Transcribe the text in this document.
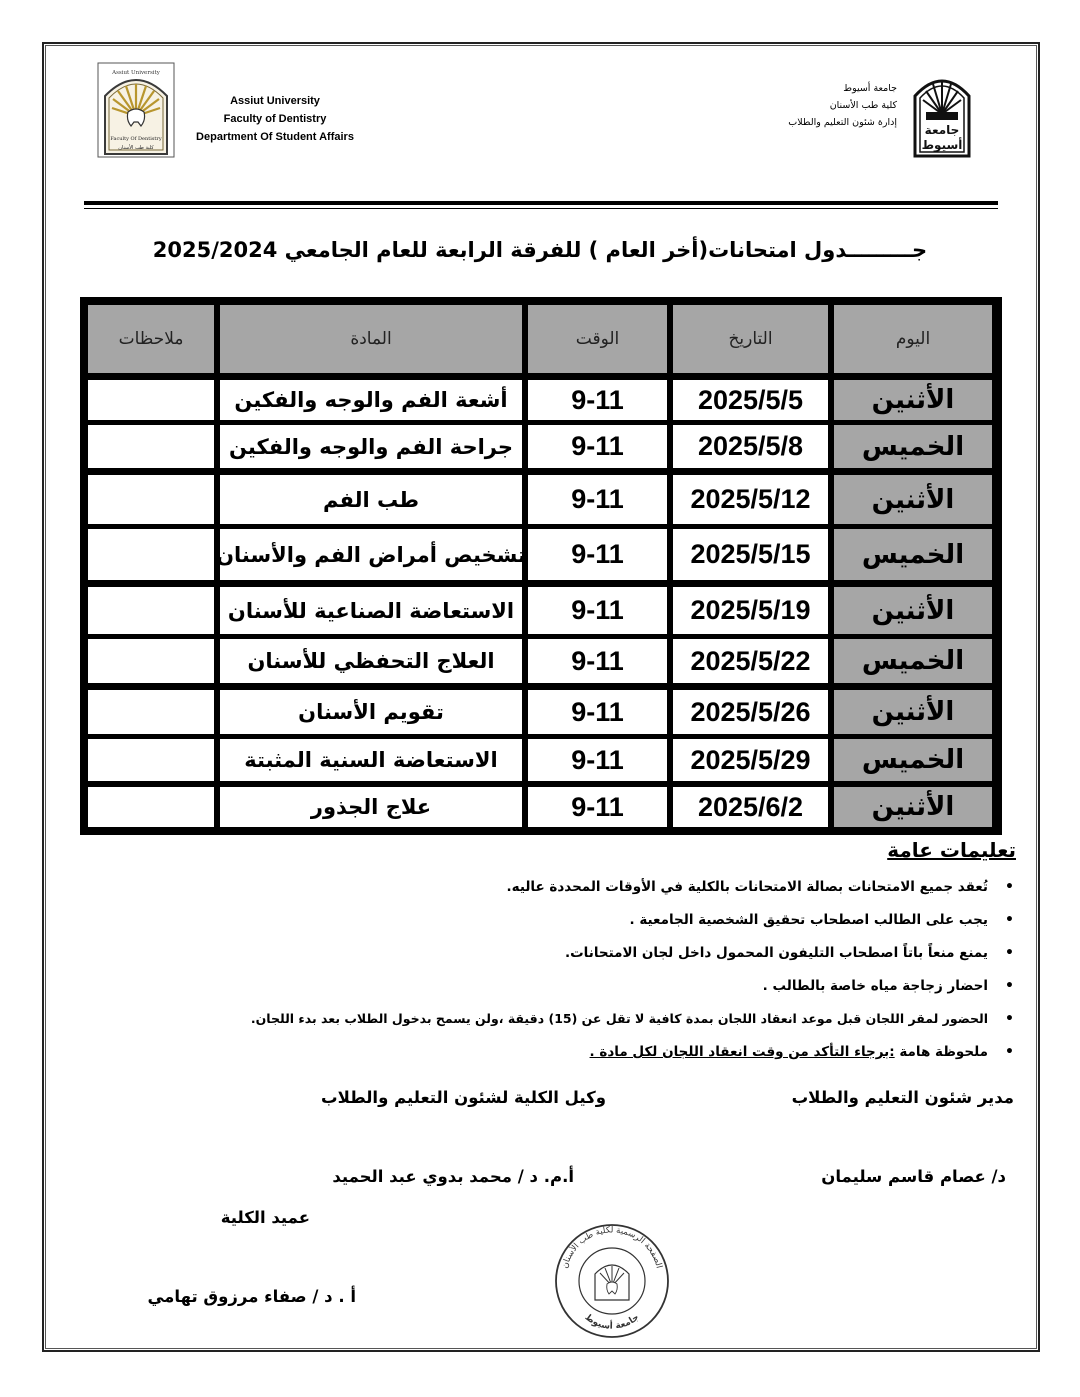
Assiut University
Faculty Of Dentistry
كلية طب الأسنان
Assiut University
Faculty of Dentistry
Department Of Student Affairs
جامعة أسيوط
كلية طب الأسنان
إدارة شئون التعليم والطلاب
جامعة
أسيوط
جـــــــــدول امتحانات(أخر العام ) للفرقة الرابعة للعام الجامعي 2025/2024
اليوم
التاريخ
الوقت
المادة
ملاحظات
الأثنين
2025/5/5
9-11
أشعة الفم والوجه والفكين
الخميس
2025/5/8
9-11
جراحة الفم والوجه والفكين
الأثنين
2025/5/12
9-11
طب الفم
الخميس
2025/5/15
9-11
تشخيص أمراض الفم والأسنان
الأثنين
2025/5/19
9-11
الاستعاضة الصناعية للأسنان
الخميس
2025/5/22
9-11
العلاج التحفظي للأسنان
الأثنين
2025/5/26
9-11
تقويم الأسنان
الخميس
2025/5/29
9-11
الاستعاضة السنية المثبتة
الأثنين
2025/6/2
9-11
علاج الجذور
تعليمات عامة
•
تُعقد جميع الامتحانات بصالة الامتحانات بالكلية في الأوقات المحددة عاليه.
•
يجب على الطالب اصطحاب تحقيق الشخصية الجامعية .
•
يمنع منعاً باتاً اصطحاب التليفون المحمول داخل لجان الامتحانات.
•
احضار زجاجة مياه خاصة بالطالب .
•
الحضور لمقر اللجان قبل موعد انعقاد اللجان بمدة كافية لا تقل عن (15) دقيقة ،ولن يسمح بدخول الطلاب بعد بدء اللجان.
•
ملحوظة هامة :برجاء التأكد من وقت انعقاد اللجان لكل مادة .
مدير شئون التعليم والطلاب
د/ عصام قاسم سليمان
وكيل الكلية لشئون التعليم والطلاب
أ.م. د / محمد بدوي عبد الحميد
عميد الكلية
أ . د / صفاء مرزوق تهامي
الصفحة الرسمية لكلية طب الأسنان
جامعة أسيوط
